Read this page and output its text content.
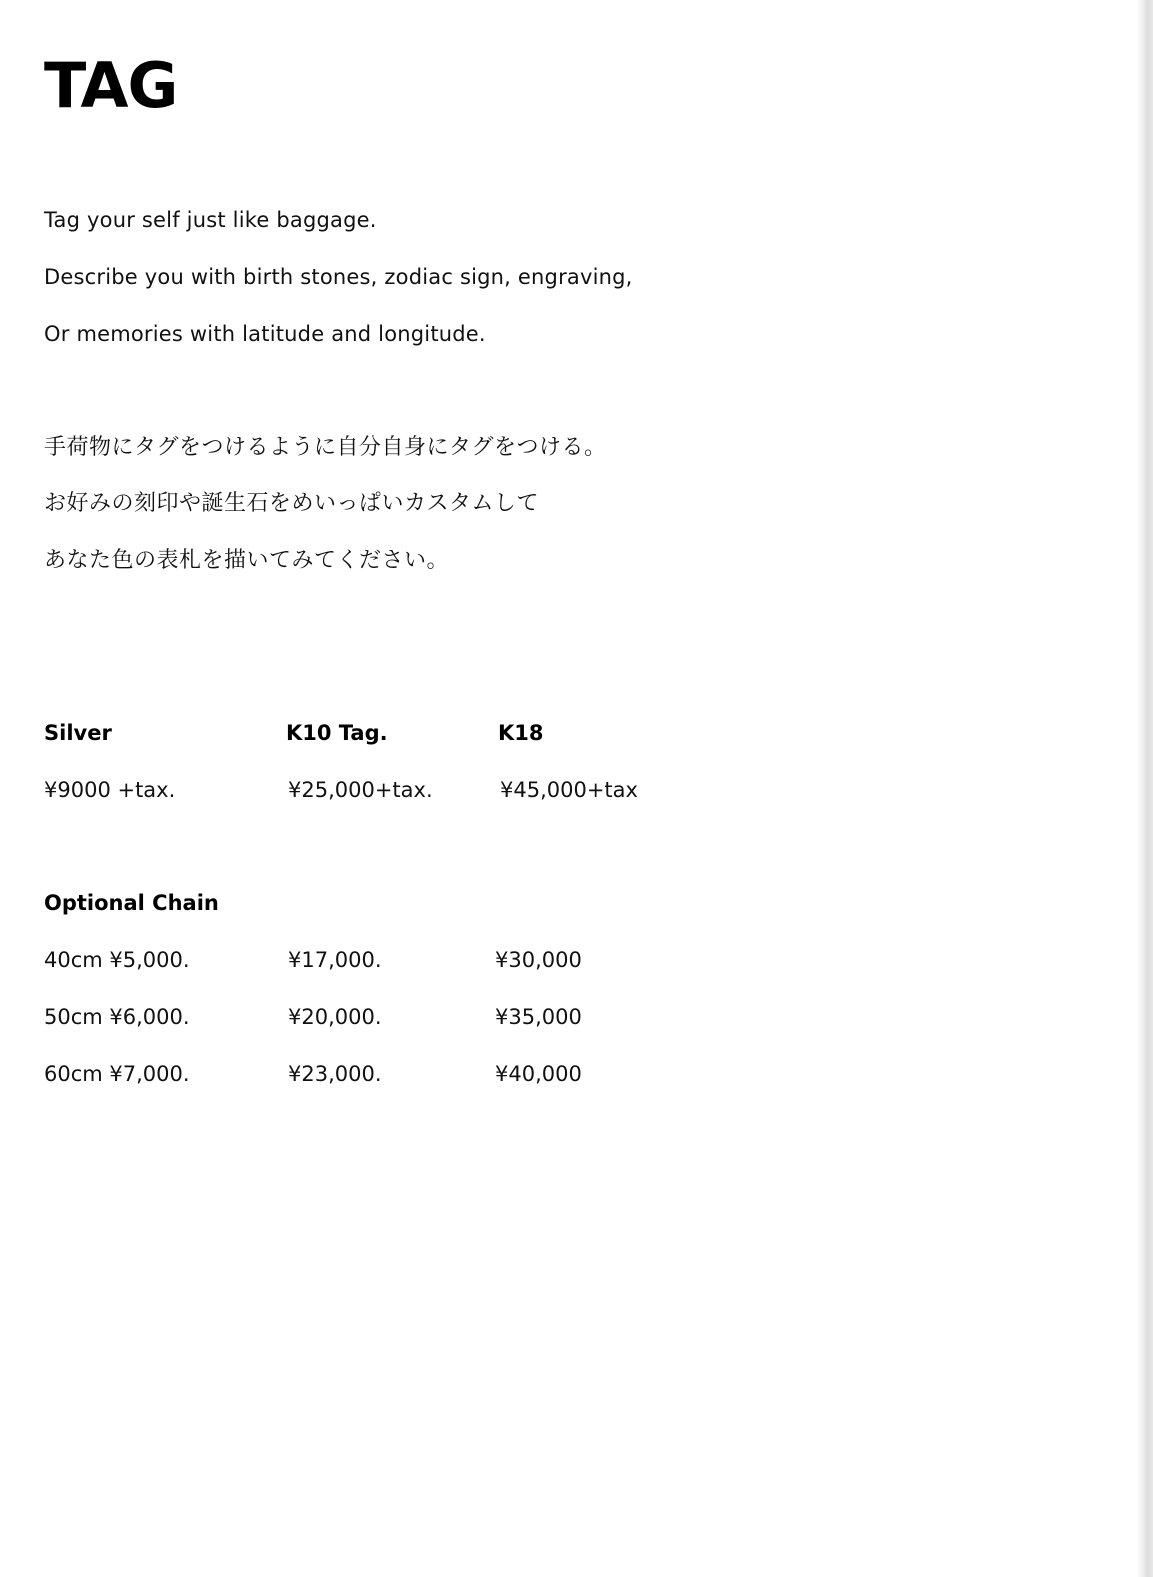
TAG

Tag your self just like baggage.

Describe you with birth stones, zodiac sign, engraving,

Or memories with latitude and longitude.

手荷物にタグをつけるように自分自身にタグをつける。

お好みの刻印や誕生石をめいっぱいカスタムして

あなた色の表札を描いてみてください。

Silver	K10 Tag.	K18

¥9000 +tax.	¥25,000+tax.	¥45,000+tax

Optional Chain

40cm ¥5,000.	¥17,000.	¥30,000

50cm ¥6,000.	¥20,000.	¥35,000

60cm ¥7,000.	¥23,000.	¥40,000
